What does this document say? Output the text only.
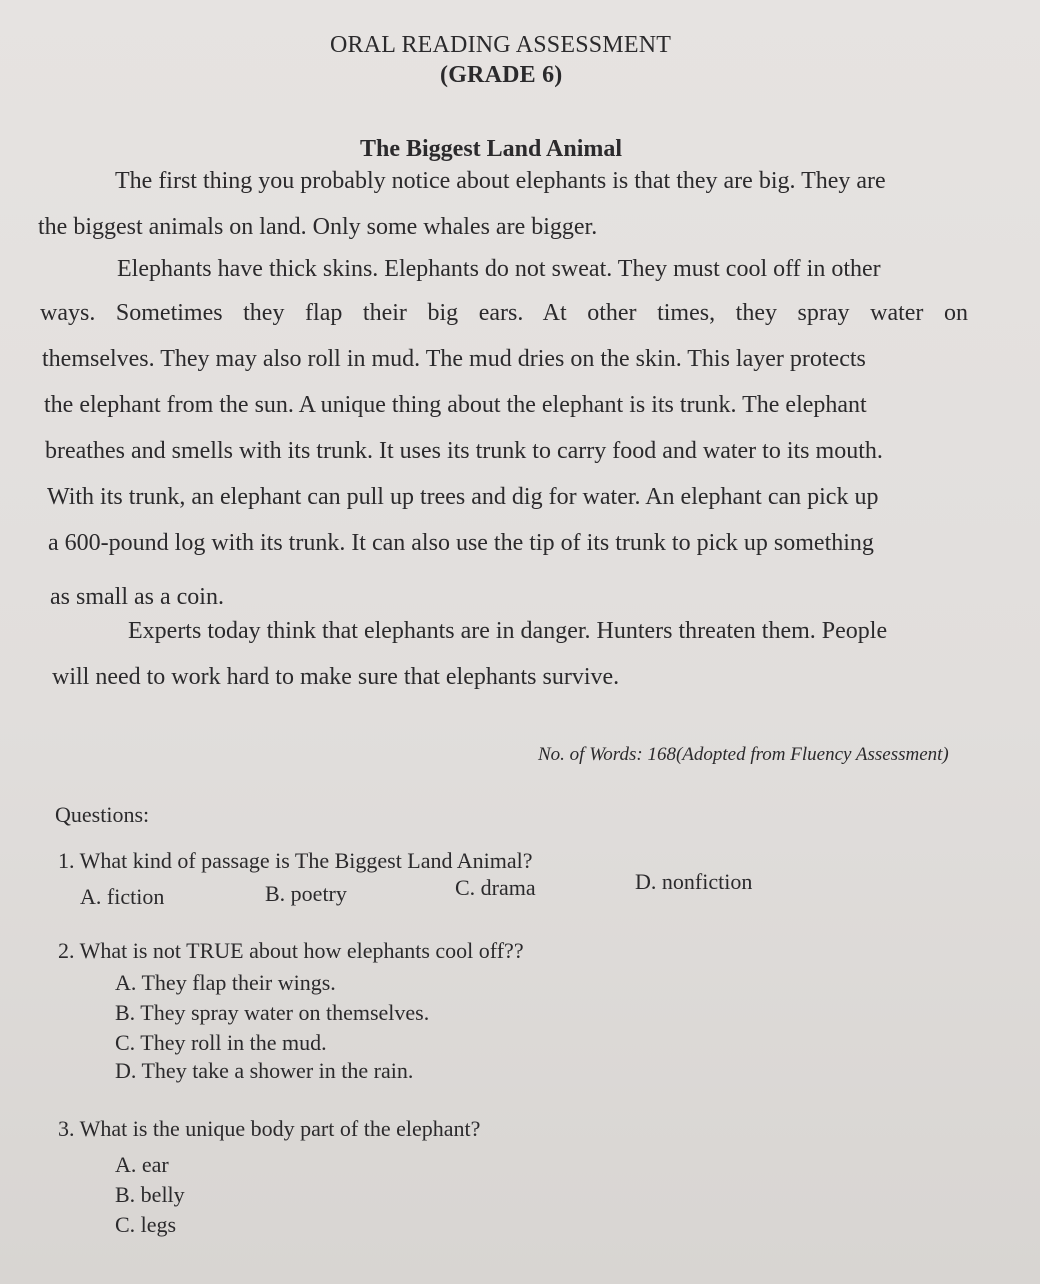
ORAL READING ASSESSMENT
(GRADE 6)
The Biggest Land Animal
The first thing you probably notice about elephants is that they are big. They are
the biggest animals on land. Only some whales are bigger.
Elephants have thick skins. Elephants do not sweat. They must cool off in other
ways. Sometimes they flap their big ears. At other times, they spray water on
themselves. They may also roll in mud. The mud dries on the skin. This layer protects
the elephant from the sun. A unique thing about the elephant is its trunk. The elephant
breathes and smells with its trunk. It uses its trunk to carry food and water to its mouth.
With its trunk, an elephant can pull up trees and dig for water. An elephant can pick up
a 600-pound log with its trunk. It can also use the tip of its trunk to pick up something
as small as a coin.
Experts today think that elephants are in danger. Hunters threaten them. People
will need to work hard to make sure that elephants survive.
No. of Words: 168(Adopted from Fluency Assessment)
Questions:
1. What kind of passage is The Biggest Land Animal?
A. fiction	B. poetry	C. drama	D. nonfiction
2. What is not TRUE about how elephants cool off??
A. They flap their wings.
B. They spray water on themselves.
C. They roll in the mud.
D. They take a shower in the rain.
3. What is the unique body part of the elephant?
A. ear
B. belly
C. legs
